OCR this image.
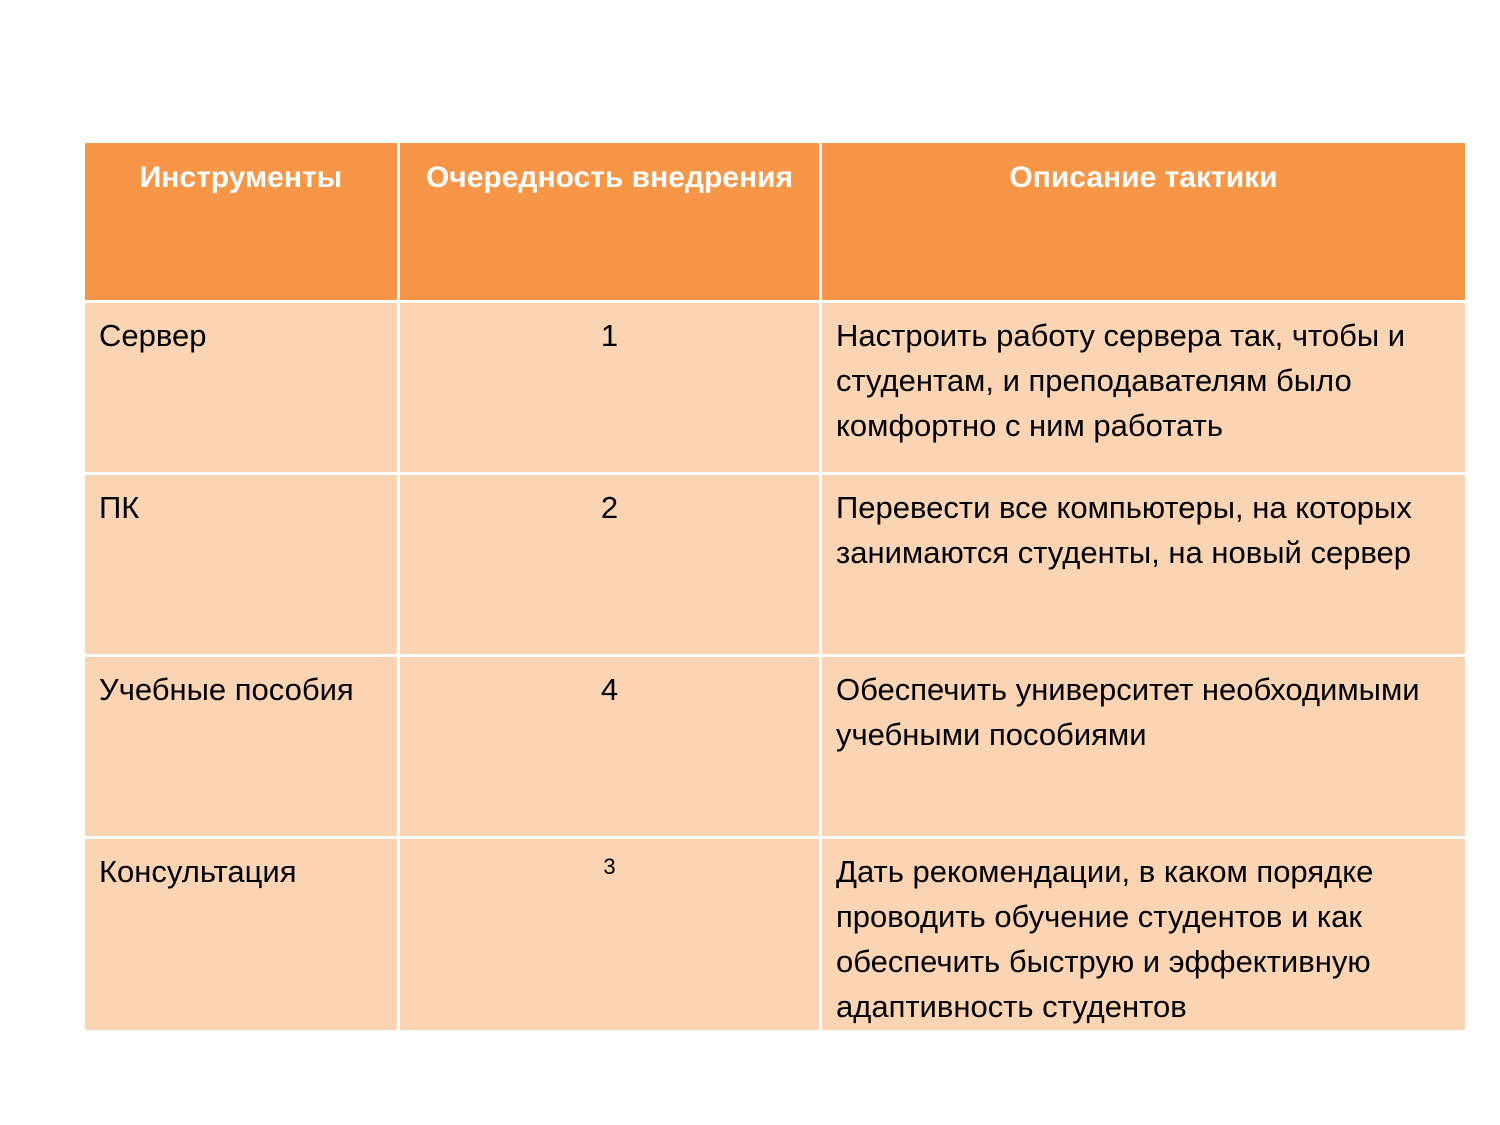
Инструменты	Очередность внедрения	Описание тактики
Сервер	1	Настроить работу сервера так, чтобы и студентам, и преподавателям было комфортно с ним работать
ПК	2	Перевести все компьютеры, на которых занимаются студенты, на новый сервер
Учебные пособия	4	Обеспечить университет необходимыми учебными пособиями
Консультация	3	Дать рекомендации, в каком порядке проводить обучение студентов и как обеспечить быструю и эффективную адаптивность студентов
